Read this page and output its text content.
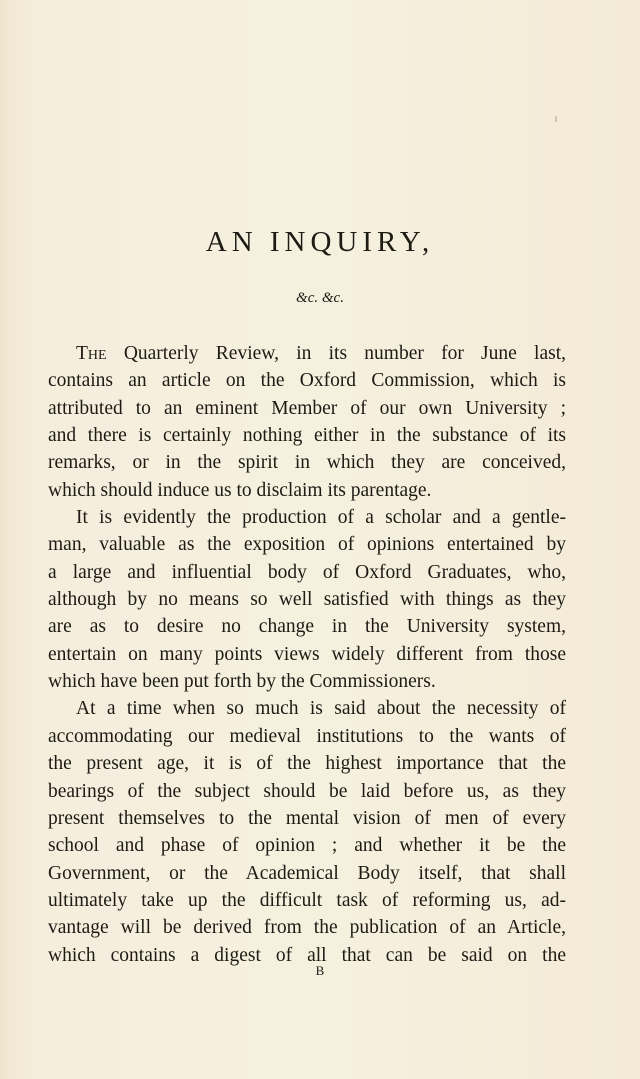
AN INQUIRY,
&c. &c.
The Quarterly Review, in its number for June last,
contains an article on the Oxford Commission, which is
attributed to an eminent Member of our own University ;
and there is certainly nothing either in the substance of its
remarks, or in the spirit in which they are conceived,
which should induce us to disclaim its parentage.
It is evidently the production of a scholar and a gentle-
man, valuable as the exposition of opinions entertained by
a large and influential body of Oxford Graduates, who,
although by no means so well satisfied with things as they
are as to desire no change in the University system,
entertain on many points views widely different from those
which have been put forth by the Commissioners.
At a time when so much is said about the necessity of
accommodating our medieval institutions to the wants of
the present age, it is of the highest importance that the
bearings of the subject should be laid before us, as they
present themselves to the mental vision of men of every
school and phase of opinion ; and whether it be the
Government, or the Academical Body itself, that shall
ultimately take up the difficult task of reforming us, ad-
vantage will be derived from the publication of an Article,
which contains a digest of all that can be said on the
B
